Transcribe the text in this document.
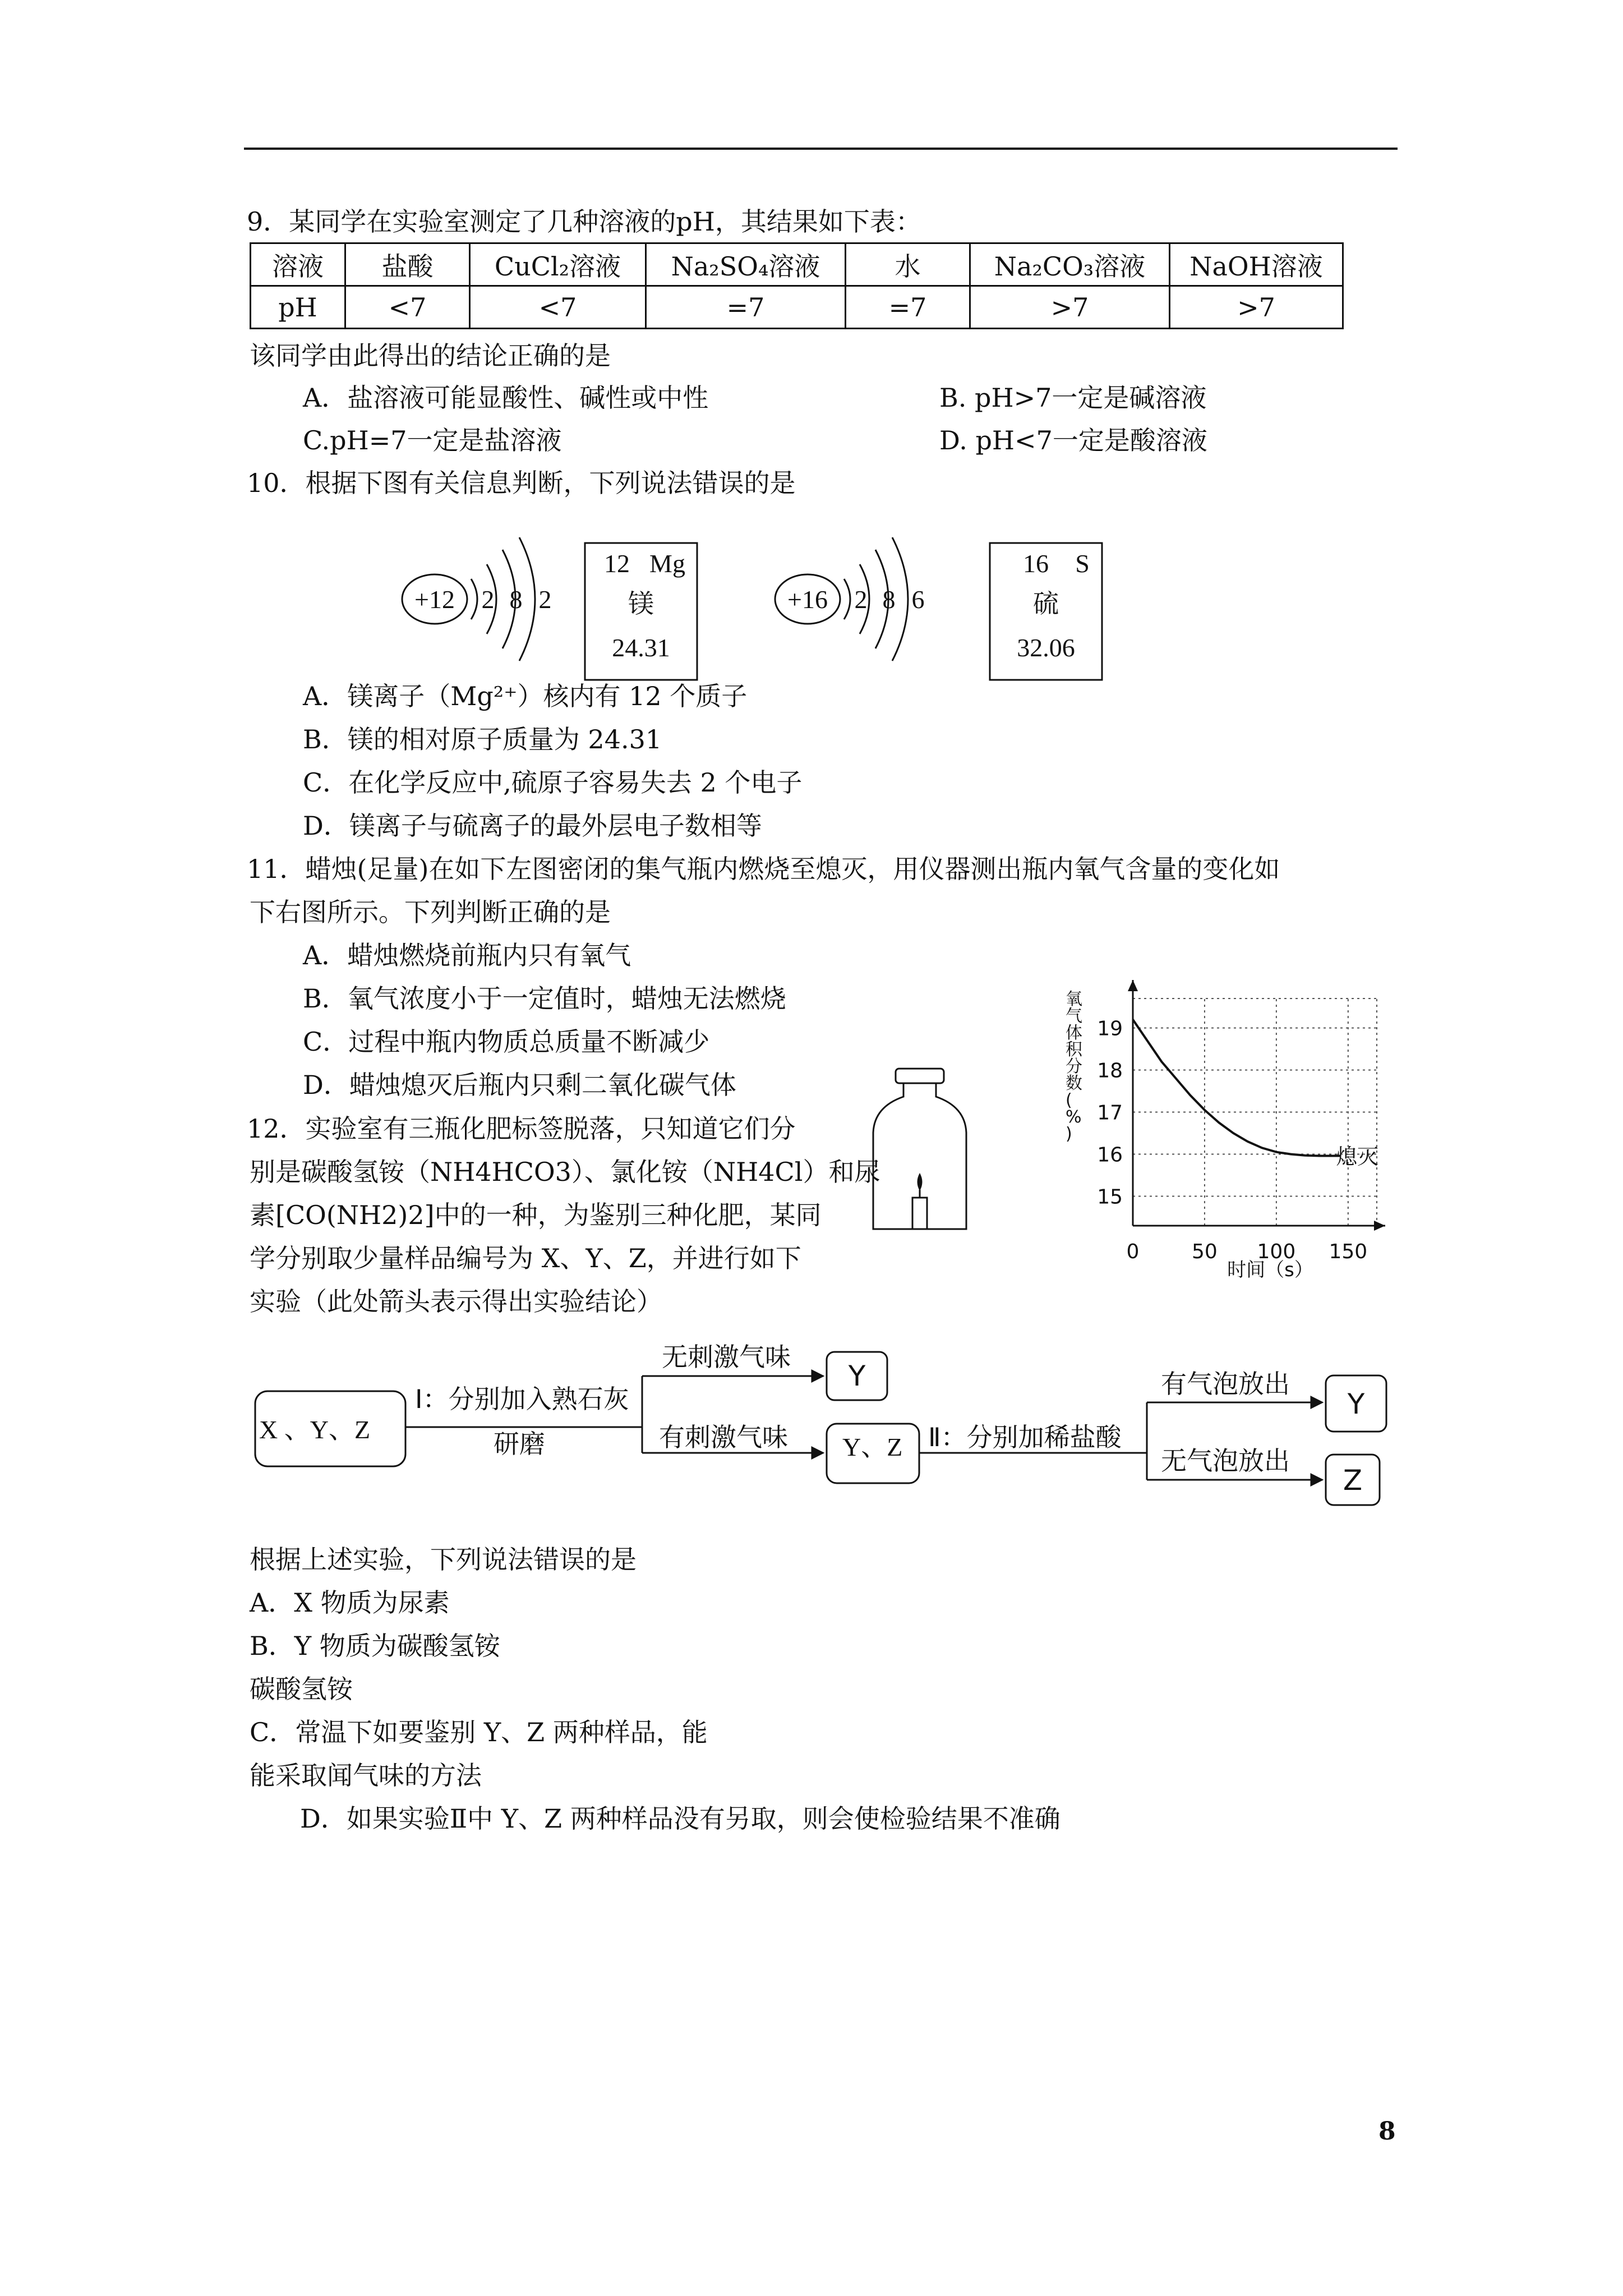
9．某同学在实验室测定了几种溶液的pH，其结果如下表：
溶液	盐酸	CuCl₂溶液	Na₂SO₄溶液	水	Na₂CO₃溶液	NaOH溶液
pH	<7	<7	=7	=7	>7	>7
该同学由此得出的结论正确的是
A．盐溶液可能显酸性、碱性或中性	B. pH>7一定是碱溶液
C.pH=7一定是盐溶液	D. pH<7一定是酸溶液
10．根据下图有关信息判断，下列说法错误的是
+12 2 8 2
12 Mg
镁
24.31
+16 2 8 6
16 S
硫
32.06
A．镁离子（Mg²⁺）核内有 12 个质子
B．镁的相对原子质量为 24.31
C．在化学反应中,硫原子容易失去 2 个电子
D．镁离子与硫离子的最外层电子数相等
11．蜡烛(足量)在如下左图密闭的集气瓶内燃烧至熄灭，用仪器测出瓶内氧气含量的变化如
下右图所示。下列判断正确的是
A．蜡烛燃烧前瓶内只有氧气
B．氧气浓度小于一定值时，蜡烛无法燃烧
C．过程中瓶内物质总质量不断减少
D．蜡烛熄灭后瓶内只剩二氧化碳气体
0	50 100 150
15
16
17
18
19
氧气体积分数( % )
时间（s）
熄灭
12．实验室有三瓶化肥标签脱落，只知道它们分
别是碳酸氢铵（NH4HCO3）、氯化铵（NH4Cl）和尿
素[CO(NH2)2]中的一种，为鉴别三种化肥，某同
学分别取少量样品编号为 X、Y、Z，并进行如下
实验（此处箭头表示得出实验结论）
X 、Y、Z
Ⅰ：分别加入熟石灰
研磨
无刺激气味
有刺激气味 Y、Z Ⅱ：分别加稀盐酸
有气泡放出
无气泡放出
Y
Y
Z
根据上述实验，下列说法错误的是
A．X 物质为尿素
B．Y 物质为碳酸氢铵
碳酸氢铵
C．常温下如要鉴别 Y、Z 两种样品，能
能采取闻气味的方法
D．如果实验Ⅱ中 Y、Z 两种样品没有另取，则会使检验结果不准确
8
